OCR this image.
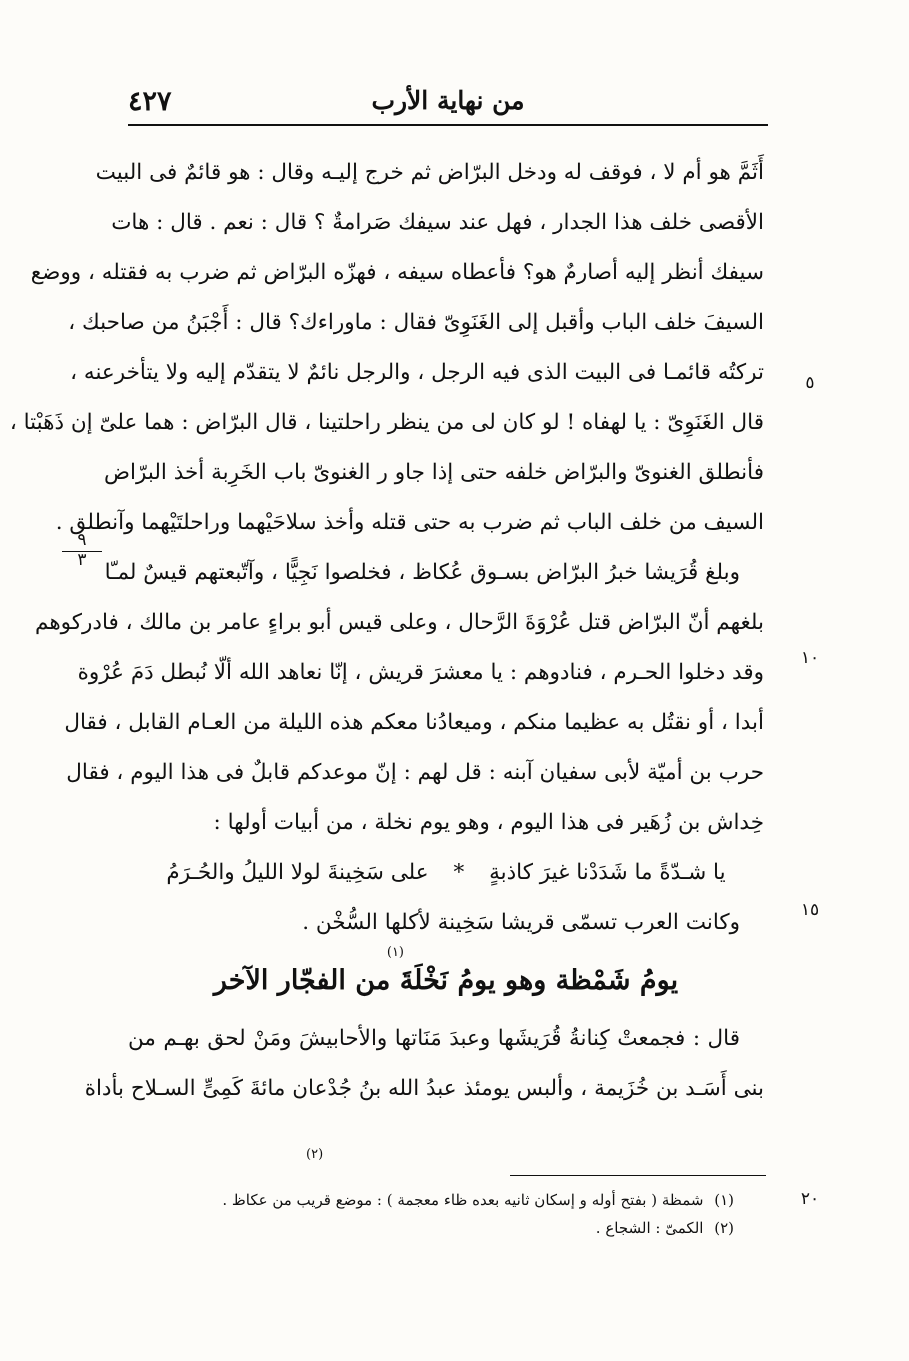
٤٢٧	من نهاية الأرب
أَثَمَّ هو أم لا ، فوقف له ودخل البرّاض ثم خرج إليـه وقال : هو قائمٌ فى البيت
الأقصى خلف هذا الجدار ، فهل عند سيفك صَرامةٌ ؟ قال : نعم . قال : هات
سيفك أنظر إليه أصارمٌ هو؟ فأعطاه سيفه ، فهزّه البرّاض ثم ضرب به فقتله ، ووضع
السيفَ خلف الباب وأقبل إلى الغَنَوِىّ فقال : ماوراءك؟ قال : أَجْبَنُ من صاحبك ،
تركتُه قائمـا فى البيت الذى فيه الرجل ، والرجل نائمٌ لا يتقدّم إليه ولا يتأخرعنه ،
قال الغَنَوِىّ : يا لهفاه ! لو كان لى من ينظر راحلتينا ، قال البرّاض : هما علىّ إن ذَهَبْتا ،
فأنطلق الغنوىّ والبرّاض خلفه حتى إذا جاو ر الغنوىّ باب الخَرِبة أخذ البرّاض
السيف من خلف الباب ثم ضرب به حتى قتله وأخذ سلاحَيْهما وراحلتَيْهما وآنطلق .
وبلغ قُرَيشا خبرُ البرّاض بسـوق عُكاظ ، فخلصوا نَجِيًّا ، وآتّبعتهم قيسٌ لمـّا
بلغهم أنّ البرّاض قتل عُرْوَةَ الرَّحال ، وعلى قيس أبو براءٍ عامر بن مالك ، فادركوهم
وقد دخلوا الحـرم ، فنادوهم : يا معشرَ قريش ، إنّا نعاهد الله ألّا نُبطل دَمَ عُرْوة
أبدا ، أو نقتُل به عظيما منكم ، وميعادُنا معكم هذه الليلة من العـام القابل ، فقال
حرب بن أميّة لأبى سفيان آبنه : قل لهم : إنّ موعدكم قابلٌ فى هذا اليوم ، فقال
خِداش بن زُهَير فى هذا اليوم ، وهو يوم نخلة ، من أبيات أولها :
يا شـدّةً ما شَدَدْنا غيرَ كاذبةٍ * على سَخِينةَ لولا الليلُ والحُـرَمُ
وكانت العرب تسمّى قريشا سَخِينة لأكلها السُّخْن .
يومُ شَمْظة وهو يومُ نَخْلَةَ من الفجّار الآخر
(١)
قال : فجمعتْ كِنانةُ قُرَيشَها وعبدَ مَنَاتها والأحابيشَ ومَنْ لحق بهـم من
بنى أَسَـد بن خُزَيمة ، وألبس يومئذ عبدُ الله بنُ جُدْعان مائةَ كَمِىٍّ السـلاح بأداة
(٢)
٥
١٠
١٥
٢٠
٩
٣
(١) شمظة ( بفتح أوله و إسكان ثانيه بعده ظاء معجمة ) : موضع قريب من عكاظ .
(٢) الكمىّ : الشجاع .
